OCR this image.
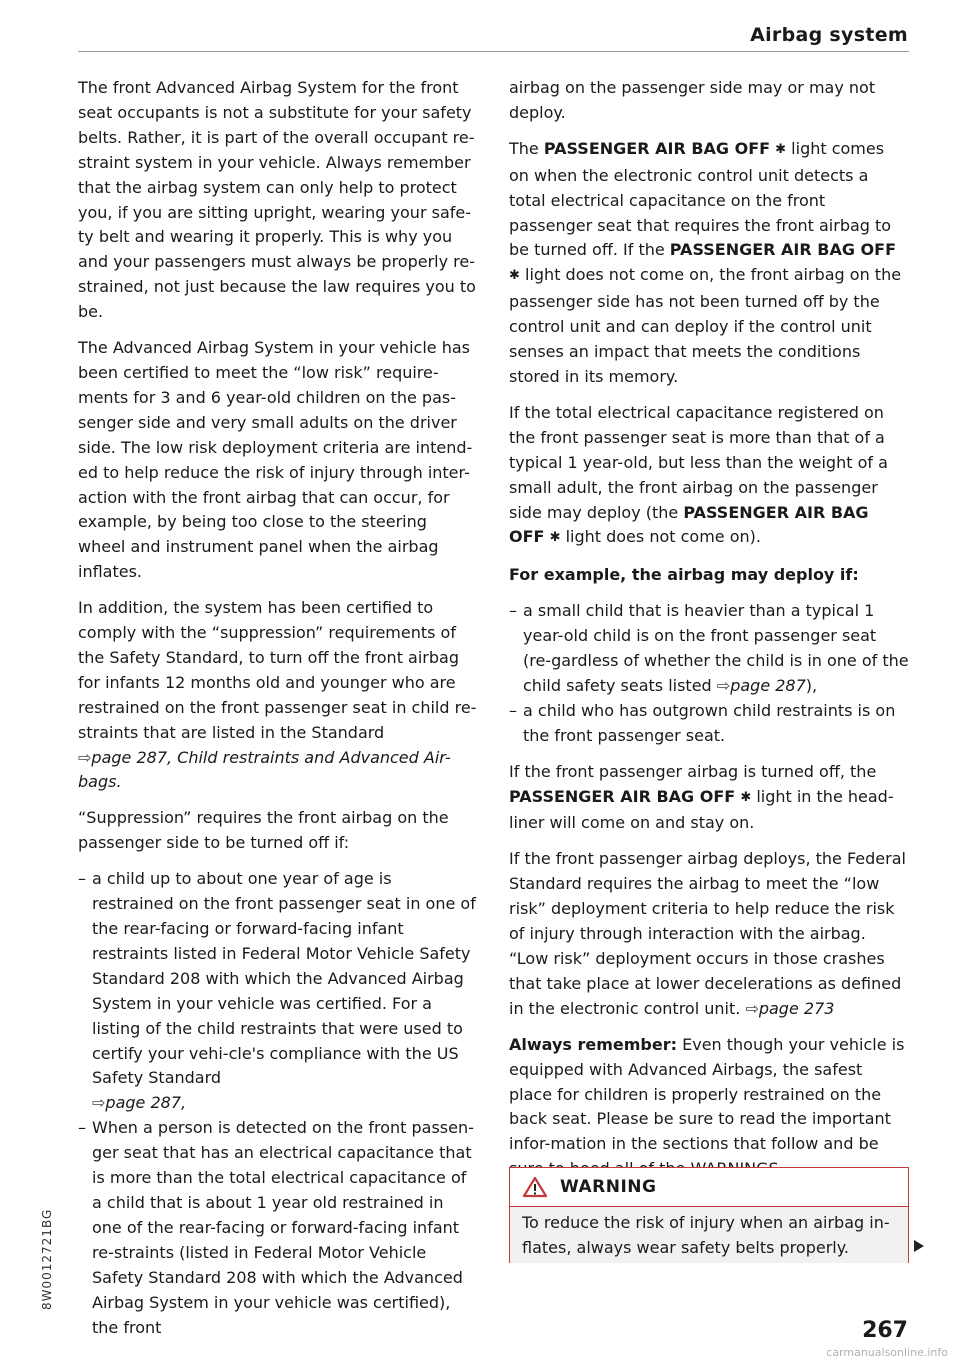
Airbag system

The front Advanced Airbag System for the front seat occupants is not a substitute for your safety belts. Rather, it is part of the overall occupant re-straint system in your vehicle. Always remember that the airbag system can only help to protect you, if you are sitting upright, wearing your safe-ty belt and wearing it properly. This is why you and your passengers must always be properly re-strained, not just because the law requires you to be.

The Advanced Airbag System in your vehicle has been certified to meet the “low risk” require-ments for 3 and 6 year-old children on the pas-senger side and very small adults on the driver side. The low risk deployment criteria are intend-ed to help reduce the risk of injury through inter-action with the front airbag that can occur, for example, by being too close to the steering wheel and instrument panel when the airbag inflates.

In addition, the system has been certified to comply with the “suppression” requirements of the Safety Standard, to turn off the front airbag for infants 12 months old and younger who are restrained on the front passenger seat in child re-straints that are listed in the Standard
⇨page 287, Child restraints and Advanced Air-bags.

“Suppression” requires the front airbag on the passenger side to be turned off if:

– a child up to about one year of age is restrained on the front passenger seat in one of the rear-facing or forward-facing infant restraints listed in Federal Motor Vehicle Safety Standard 208 with which the Advanced Airbag System in your vehicle was certified. For a listing of the child restraints that were used to certify your vehi-cle's compliance with the US Safety Standard
⇨page 287,
– When a person is detected on the front passen-ger seat that has an electrical capacitance that is more than the total electrical capacitance of a child that is about 1 year old restrained in one of the rear-facing or forward-facing infant re-straints (listed in Federal Motor Vehicle Safety Standard 208 with which the Advanced Airbag System in your vehicle was certified), the front

airbag on the passenger side may or may not deploy.

The PASSENGER AIR BAG OFF ✱ light comes on when the electronic control unit detects a total electrical capacitance on the front passenger seat that requires the front airbag to be turned off. If the PASSENGER AIR BAG OFF ✱ light does not come on, the front airbag on the passenger side has not been turned off by the control unit and can deploy if the control unit senses an impact that meets the conditions stored in its memory.

If the total electrical capacitance registered on the front passenger seat is more than that of a typical 1 year-old, but less than the weight of a small adult, the front airbag on the passenger side may deploy (the PASSENGER AIR BAG OFF ✱ light does not come on).

For example, the airbag may deploy if:

– a small child that is heavier than a typical 1 year-old child is on the front passenger seat (re-gardless of whether the child is in one of the child safety seats listed ⇨page 287),
– a child who has outgrown child restraints is on the front passenger seat.

If the front passenger airbag is turned off, the PASSENGER AIR BAG OFF ✱ light in the head-liner will come on and stay on.

If the front passenger airbag deploys, the Federal Standard requires the airbag to meet the “low risk” deployment criteria to help reduce the risk of injury through interaction with the airbag. “Low risk” deployment occurs in those crashes that take place at lower decelerations as defined in the electronic control unit. ⇨page 273

Always remember: Even though your vehicle is equipped with Advanced Airbags, the safest place for children is properly restrained on the back seat. Please be sure to read the important infor-mation in the sections that follow and be

WARNING
To reduce the risk of injury when an airbag in-flates, always wear safety belts properly.
267
8W0012721BG
carmanualsonline.info
